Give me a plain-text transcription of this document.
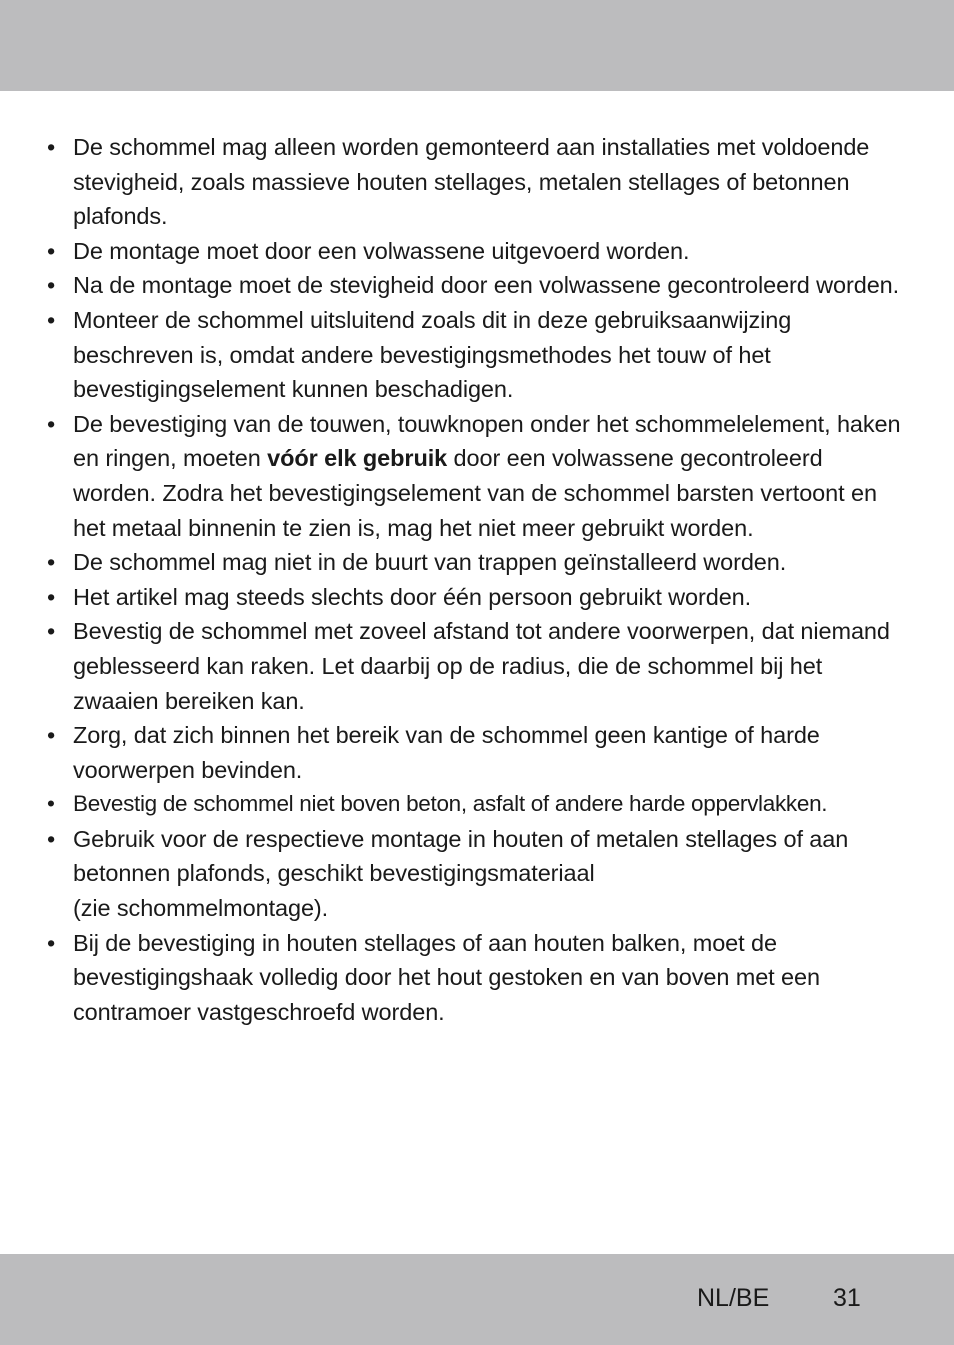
• De schommel mag alleen worden gemonteerd aan installaties met voldoende stevigheid, zoals massieve houten stellages, metalen stellages of betonnen plafonds.
• De montage moet door een volwassene uitgevoerd worden.
• Na de montage moet de stevigheid door een volwassene gecontroleerd worden.
• Monteer de schommel uitsluitend zoals dit in deze gebruiksaanwijzing beschreven is, omdat andere bevestigingsmethodes het touw of het bevestigingselement kunnen beschadigen.
• De bevestiging van de touwen, touwknopen onder het schommelelement, haken en ringen, moeten vóór elk gebruik door een volwassene gecontroleerd worden. Zodra het bevestigingselement van de schommel barsten vertoont en het metaal binnenin te zien is, mag het niet meer gebruikt worden.
• De schommel mag niet in de buurt van trappen geïnstalleerd worden.
• Het artikel mag steeds slechts door één persoon gebruikt worden.
• Bevestig de schommel met zoveel afstand tot andere voorwerpen, dat niemand geblesseerd kan raken. Let daarbij op de radius, die de schommel bij het zwaaien bereiken kan.
• Zorg, dat zich binnen het bereik van de schommel geen kantige of harde voorwerpen bevinden.
• Bevestig de schommel niet boven beton, asfalt of andere harde oppervlakken.
• Gebruik voor de respectieve montage in houten of metalen stellages of aan betonnen plafonds, geschikt bevestigingsmateriaal
(zie schommelmontage).
• Bij de bevestiging in houten stellages of aan houten balken, moet de bevestigingshaak volledig door het hout gestoken en van boven met een contramoer vastgeschroefd worden.
NL/BE	31
